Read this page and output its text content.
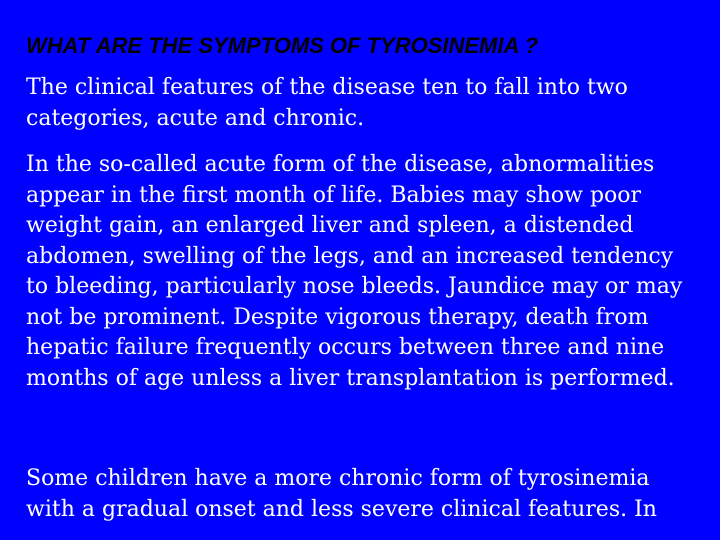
WHAT ARE THE SYMPTOMS OF TYROSINEMIA ?

The clinical features of the disease ten to fall into two categories, acute and chronic.

In the so-called acute form of the disease, abnormalities appear in the first month of life. Babies may show poor weight gain, an enlarged liver and spleen, a distended abdomen, swelling of the legs, and an increased tendency to bleeding, particularly nose bleeds. Jaundice may or may not be prominent. Despite vigorous therapy, death from hepatic failure frequently occurs between three and nine months of age unless a liver transplantation is performed.

Some children have a more chronic form of tyrosinemia with a gradual onset and less severe clinical features. In
